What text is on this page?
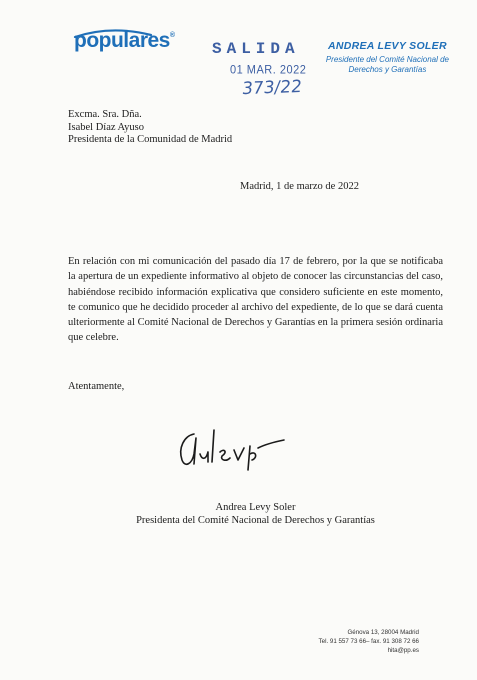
populares®
SALIDA
01 MAR. 2022
373/22
ANDREA LEVY SOLER
Presidente del Comité Nacional de
Derechos y Garantías
Excma. Sra. Dña.
Isabel Díaz Ayuso
Presidenta de la Comunidad de Madrid
Madrid, 1 de marzo de 2022
En relación con mi comunicación del pasado día 17 de febrero, por la que se notificaba la apertura de un expediente informativo al objeto de conocer las circunstancias del caso, habiéndose recibido información explicativa que considero suficiente en este momento, te comunico que he decidido proceder al archivo del expediente, de lo que se dará cuenta ulteriormente al Comité Nacional de Derechos y Garantías en la primera sesión ordinaria que celebre.
Atentamente,
Andrea Levy Soler
Presidenta del Comité Nacional de Derechos y Garantías
Génova 13, 28004 Madrid
Tel. 91 557 73 66– fax. 91 308 72 66
hita@pp.es
